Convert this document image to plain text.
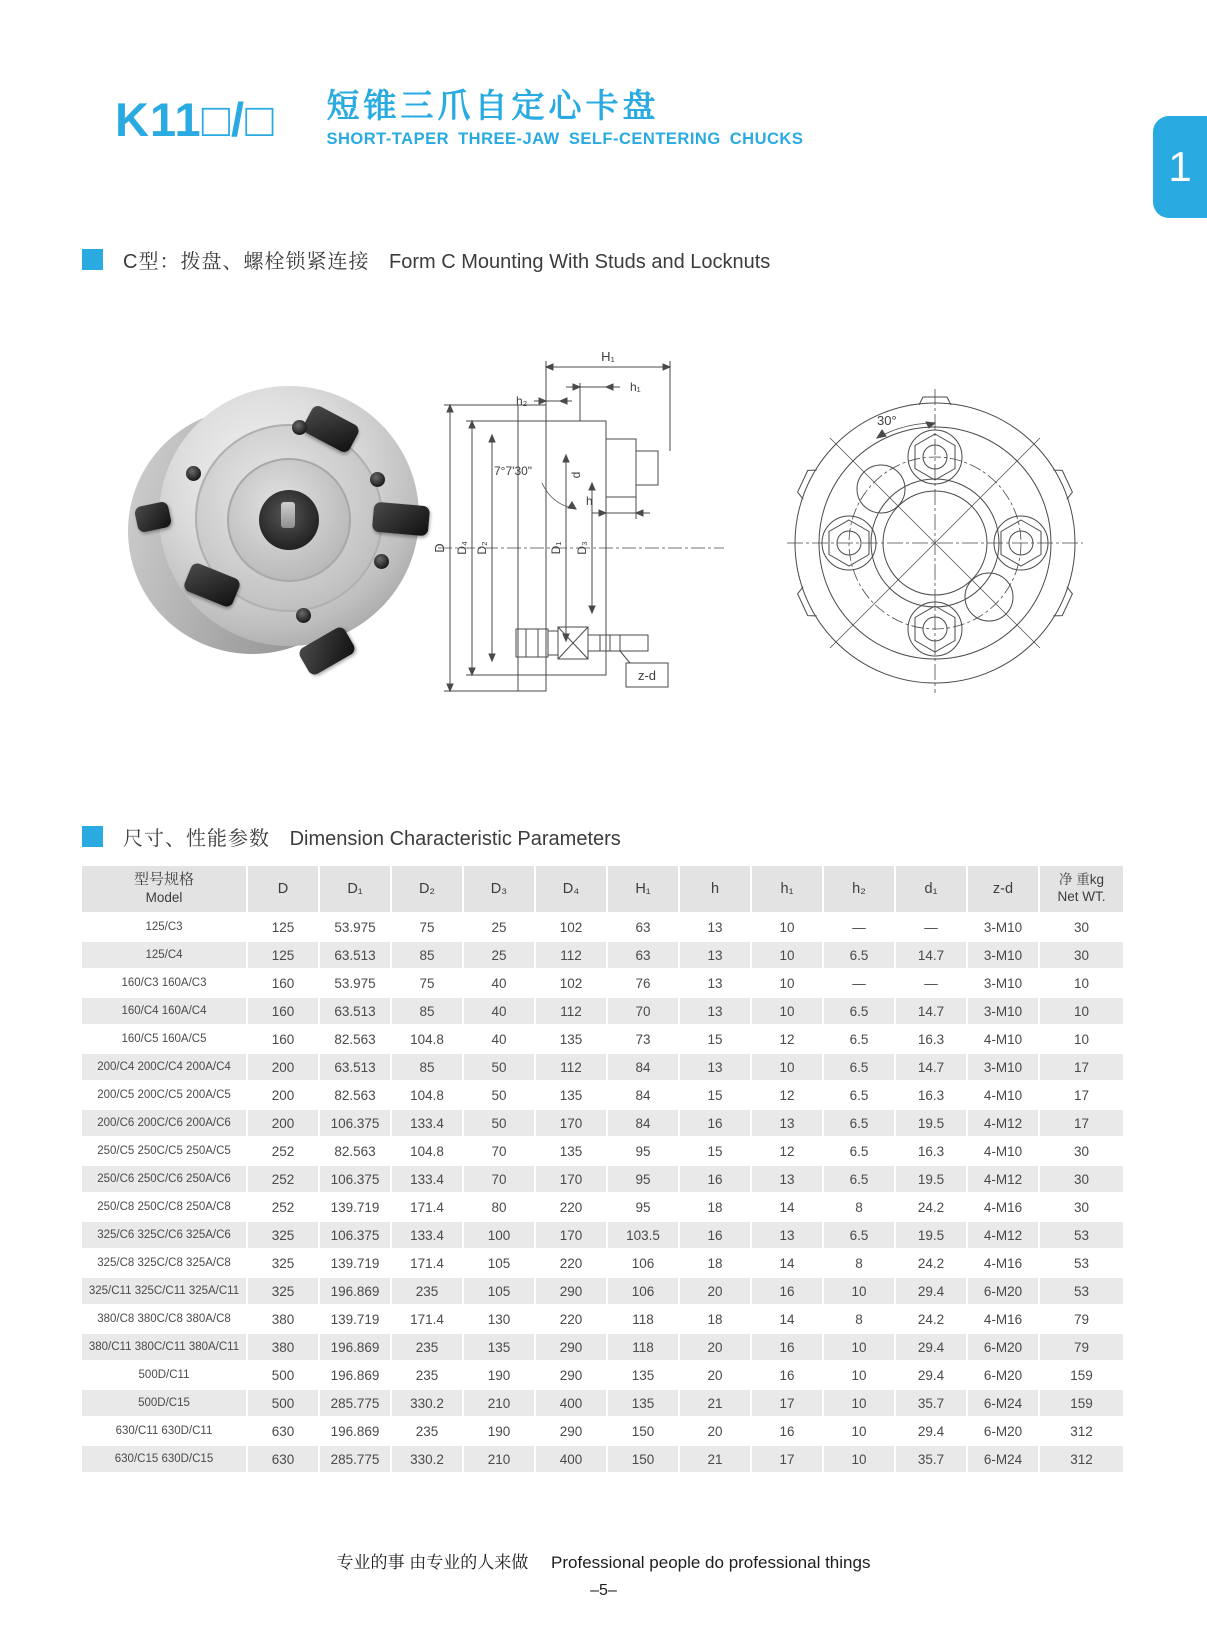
K11□/□ 短锥三爪自定心卡盘
SHORT-TAPER THREE-JAW SELF-CENTERING CHUCKS
1
C型：拨盘、螺栓锁紧连接 Form C Mounting With Studs and Locknuts
H₁
h₁
h₂
7°7'30"	d
h
D D₄ D₂	D₁ D₃
z-d
30°
尺寸、性能参数 Dimension Characteristic Parameters
型号规格
Model	D	D₁	D₂	D₃	D₄	H₁	h	h₁	h₂	d₁	z-d	净 重kg
Net WT.

125/C3	125	53.975	75	25	102	63	13	10	—	—	3-M10	30
125/C4	125	63.513	85	25	112	63	13	10	6.5	14.7	3-M10	30
160/C3 160A/C3	160	53.975	75	40	102	76	13	10	—	—	3-M10	10
160/C4 160A/C4	160	63.513	85	40	112	70	13	10	6.5	14.7	3-M10	10
160/C5 160A/C5	160	82.563	104.8	40	135	73	15	12	6.5	16.3	4-M10	10
200/C4 200C/C4 200A/C4	200	63.513	85	50	112	84	13	10	6.5	14.7	3-M10	17
200/C5 200C/C5 200A/C5	200	82.563	104.8	50	135	84	15	12	6.5	16.3	4-M10	17
200/C6 200C/C6 200A/C6	200	106.375	133.4	50	170	84	16	13	6.5	19.5	4-M12	17
250/C5 250C/C5 250A/C5	252	82.563	104.8	70	135	95	15	12	6.5	16.3	4-M10	30
250/C6 250C/C6 250A/C6	252	106.375	133.4	70	170	95	16	13	6.5	19.5	4-M12	30
250/C8 250C/C8 250A/C8	252	139.719	171.4	80	220	95	18	14	8	24.2	4-M16	30
325/C6 325C/C6 325A/C6	325	106.375	133.4	100	170	103.5	16	13	6.5	19.5	4-M12	53
325/C8 325C/C8 325A/C8	325	139.719	171.4	105	220	106	18	14	8	24.2	4-M16	53
325/C11 325C/C11 325A/C11	325	196.869	235	105	290	106	20	16	10	29.4	6-M20	53
380/C8 380C/C8 380A/C8	380	139.719	171.4	130	220	118	18	14	8	24.2	4-M16	79
380/C11 380C/C11 380A/C11	380	196.869	235	135	290	118	20	16	10	29.4	6-M20	79
500D/C11	500	196.869	235	190	290	135	20	16	10	29.4	6-M20	159
500D/C15	500	285.775	330.2	210	400	135	21	17	10	35.7	6-M24	159
630/C11 630D/C11	630	196.869	235	190	290	150	20	16	10	29.4	6-M20	312
630/C15 630D/C15	630	285.775	330.2	210	400	150	21	17	10	35.7	6-M24	312
专业的事 由专业的人来做 Professional people do professional things
–5–
